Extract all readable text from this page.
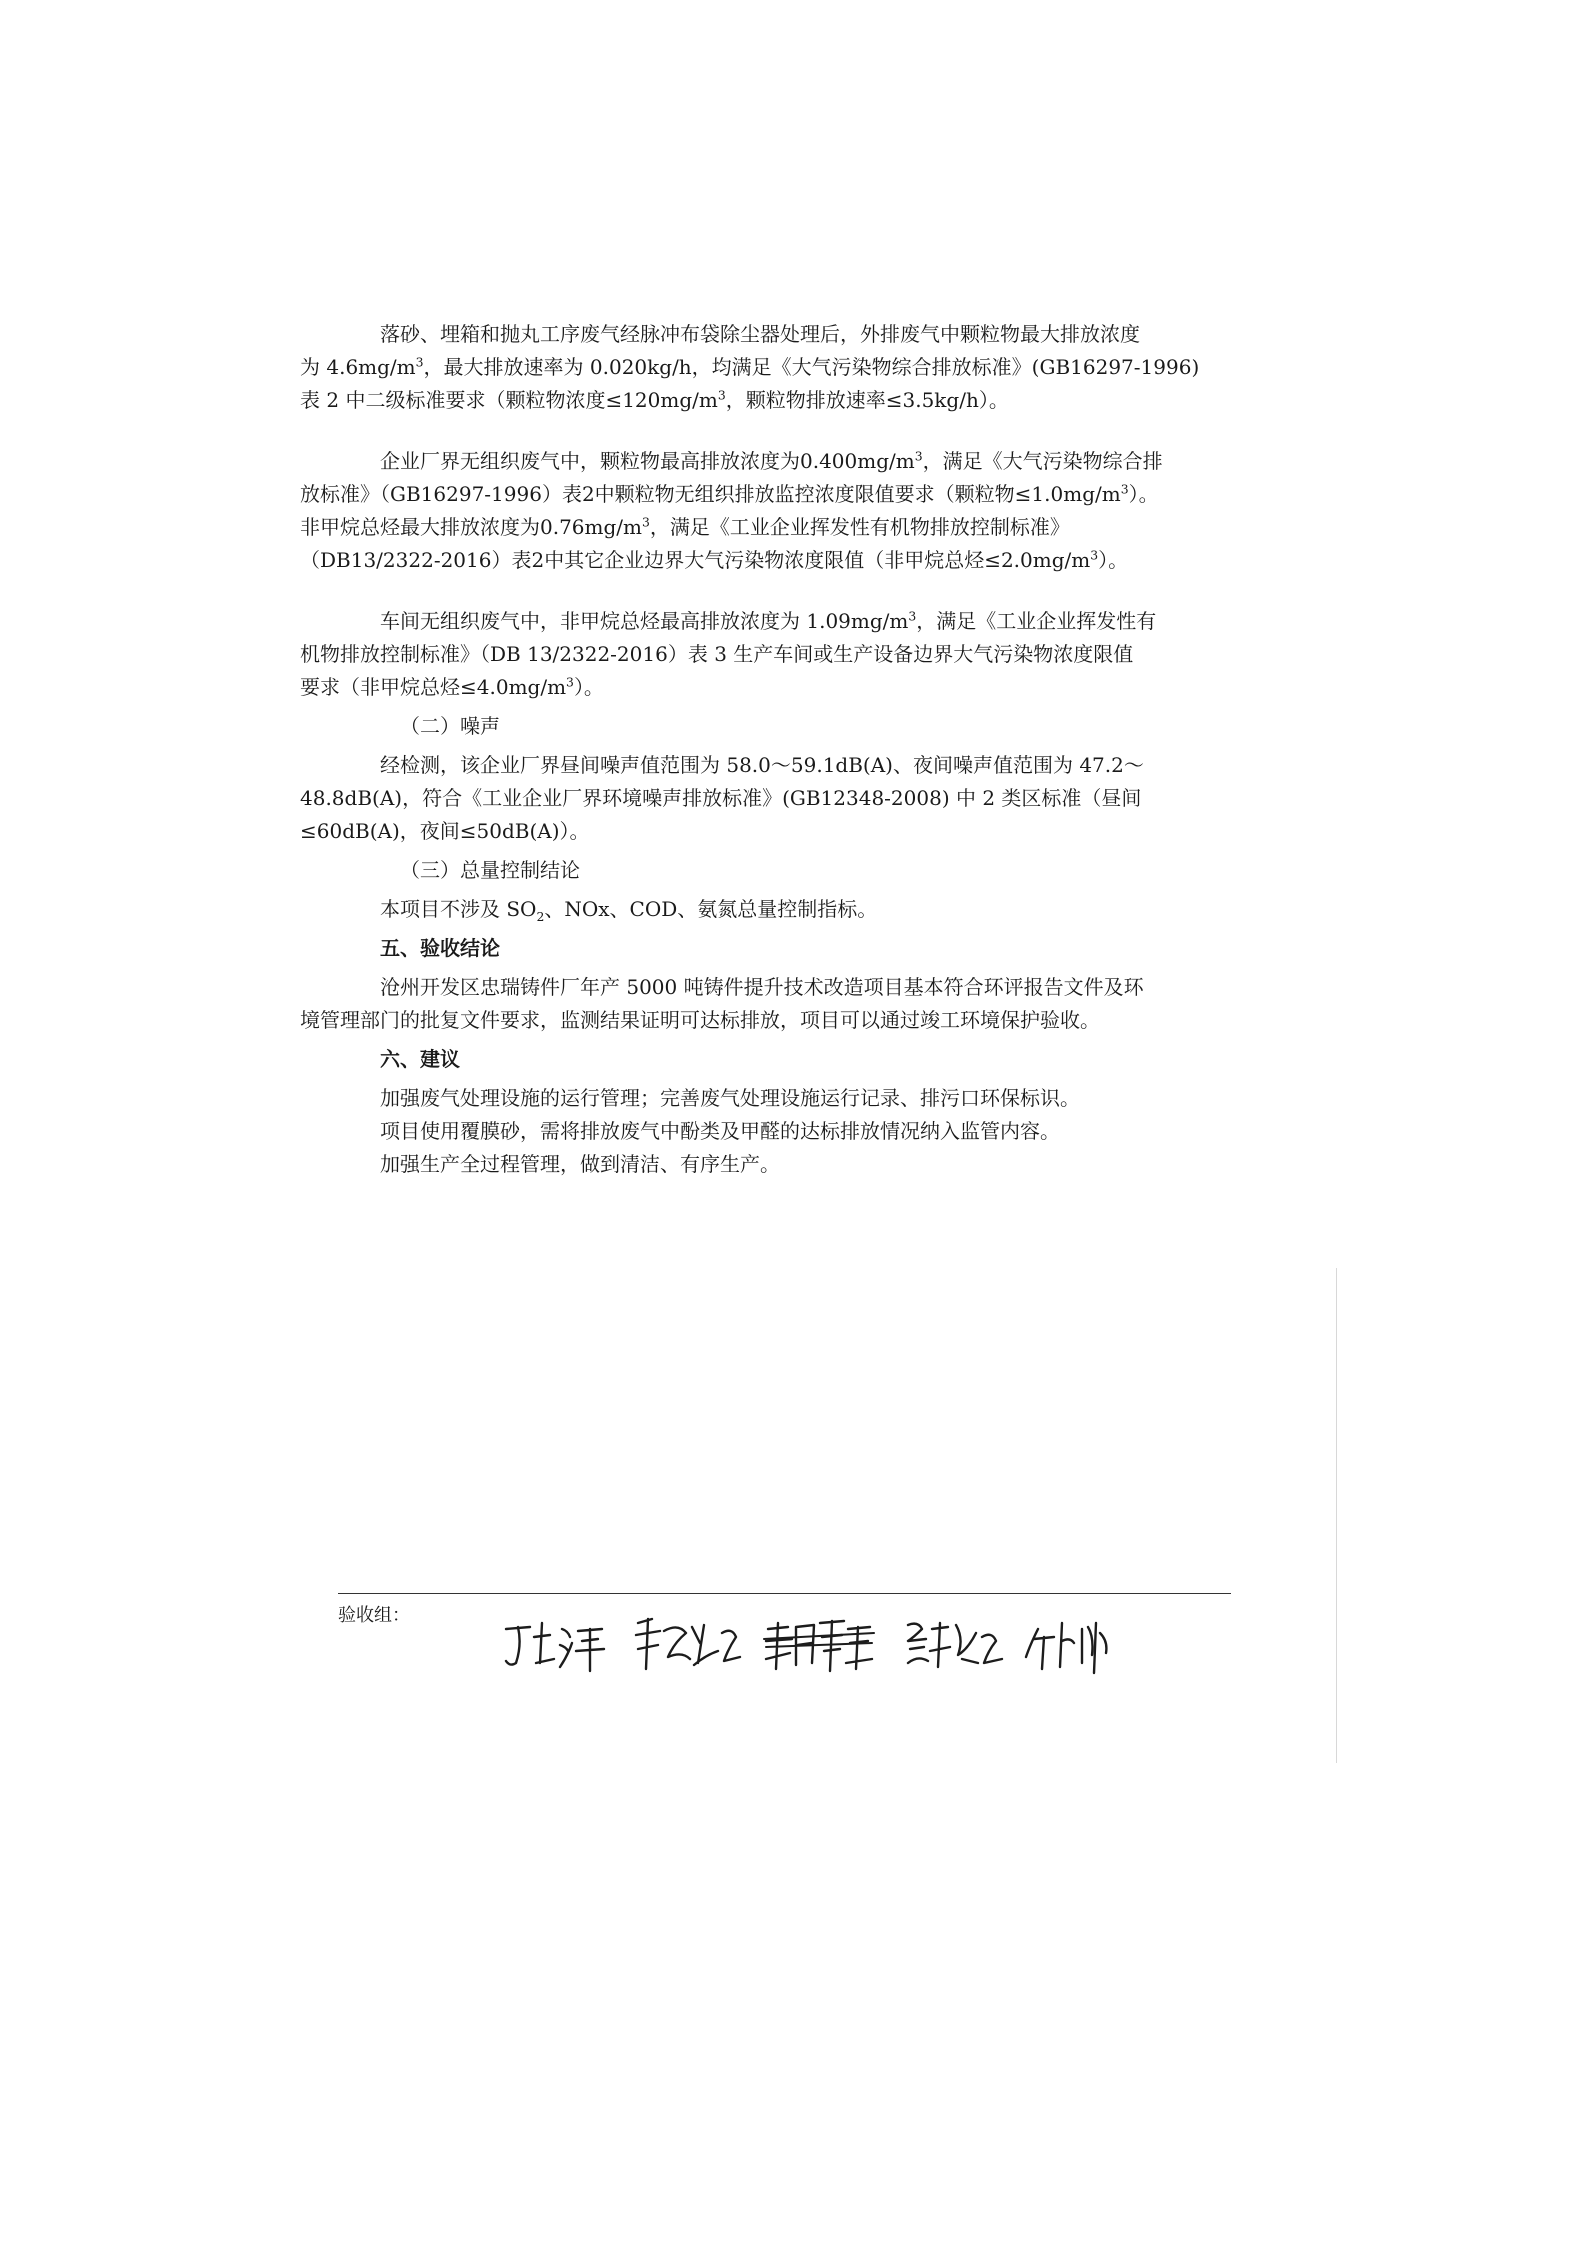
落砂、埋箱和抛丸工序废气经脉冲布袋除尘器处理后，外排废气中颗粒物最大排放浓度
为 $4.6mg/m^3$，最大排放速率为 0.020kg/h，均满足《大气污染物综合排放标准》(GB16297-1996)
表 2 中二级标准要求（颗粒物浓度$\le 120mg/m^3$，颗粒物排放速率≤3.5kg/h）。

企业厂界无组织废气中，颗粒物最高排放浓度为$0.400mg/m^3$，满足《大气污染物综合排
放标准》（GB16297-1996）表2中颗粒物无组织排放监控浓度限值要求（颗粒物$\le 1.0mg/m^3$）。
非甲烷总烃最大排放浓度为$0.76mg/m^3$，满足《工业企业挥发性有机物排放控制标准》
（DB13/2322-2016）表2中其它企业边界大气污染物浓度限值（非甲烷总烃$\le 2.0mg/m^3$）。

车间无组织废气中，非甲烷总烃最高排放浓度为 $1.09mg/m^3$，满足《工业企业挥发性有
机物排放控制标准》（DB 13/2322-2016）表 3 生产车间或生产设备边界大气污染物浓度限值
要求（非甲烷总烃$\le 4.0mg/m^3$）。

（二）噪声

经检测，该企业厂界昼间噪声值范围为 58.0～59.1dB(A)、夜间噪声值范围为 47.2～
48.8dB(A)，符合《工业企业厂界环境噪声排放标准》(GB12348-2008) 中 2 类区标准（昼间
≤60dB(A)，夜间≤50dB(A)）。

（三）总量控制结论

本项目不涉及 $SO_2$、NOx、COD、氨氮总量控制指标。

五、验收结论

沧州开发区忠瑞铸件厂年产 5000 吨铸件提升技术改造项目基本符合环评报告文件及环
境管理部门的批复文件要求，监测结果证明可达标排放，项目可以通过竣工环境保护验收。

六、建议

加强废气处理设施的运行管理；完善废气处理设施运行记录、排污口环保标识。

项目使用覆膜砂，需将排放废气中酚类及甲醛的达标排放情况纳入监管内容。

加强生产全过程管理，做到清洁、有序生产。

验收组：
